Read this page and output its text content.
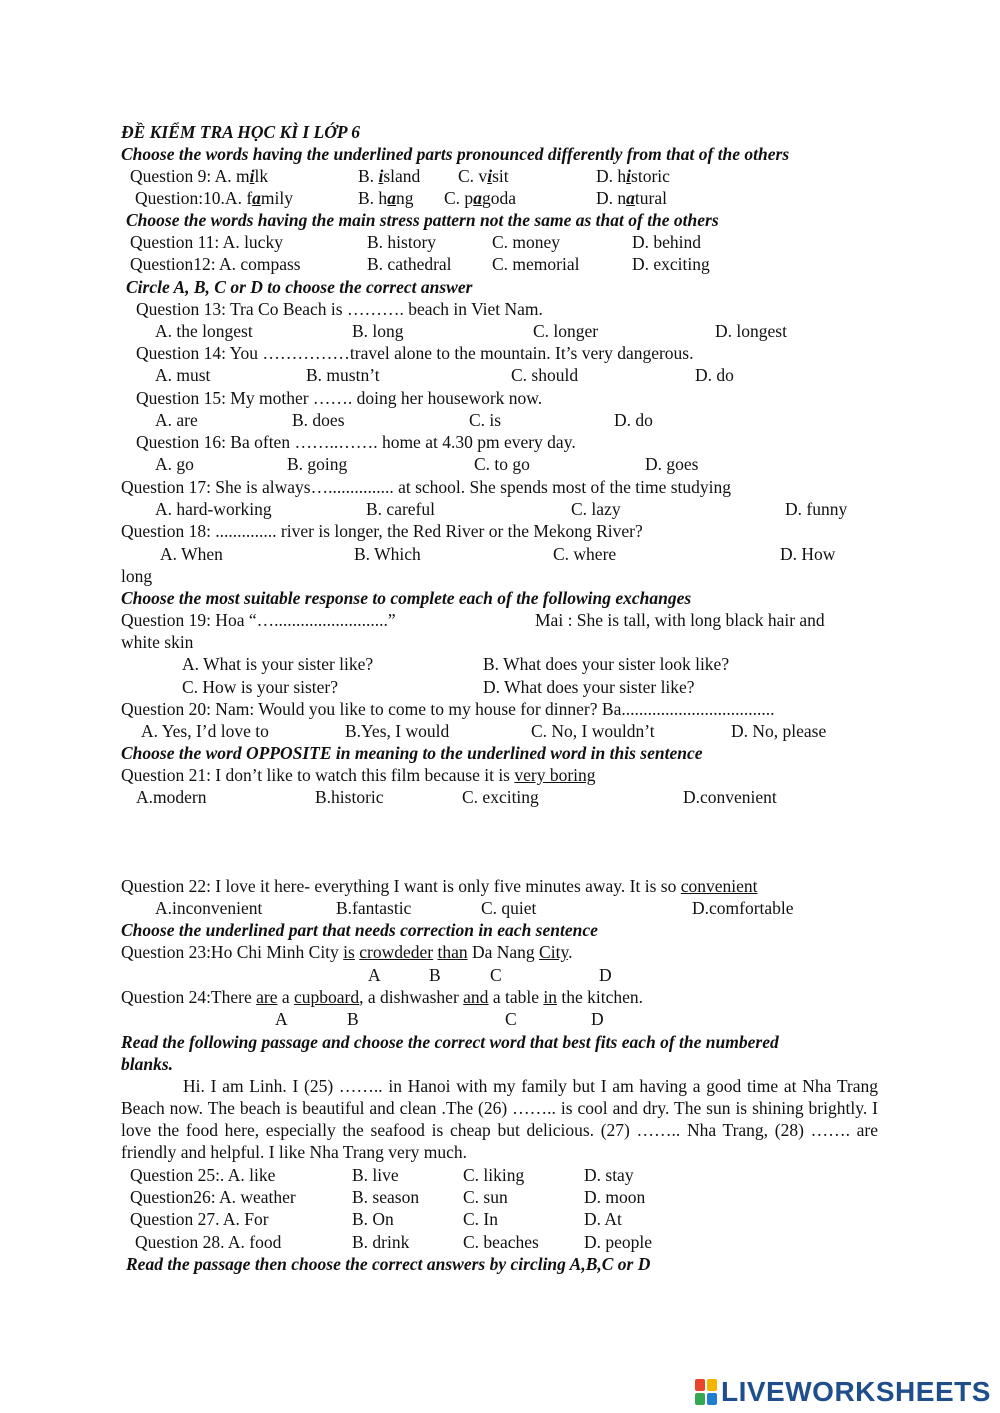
ĐỀ KIỂM TRA HỌC KÌ I LỚP 6
Choose the words having the underlined parts pronounced differently from that of the others
Question 9: A. milk	B. island C. visit	D. historic
Question:10.A. family	B. hang C. pagoda	D. natural
Choose the words having the main stress pattern not the same as that of the others
Question 11: A. lucky	B. history	C. money	D. behind
Question12: A. compass	B. cathedral C. memorial	D. exciting
Circle A, B, C or D to choose the correct answer
Question 13: Tra Co Beach is ………. beach in Viet Nam.
A. the longest	B. long	C. longer	D. longest
Question 14: You ……………travel alone to the mountain. It’s very dangerous.
A. must	B. mustn’t	C. should	D. do
Question 15: My mother ……. doing her housework now.
A. are	B. does	C. is	D. do
Question 16: Ba often ……..……. home at 4.30 pm every day.
A. go	B. going	C. to go	D. goes
Question 17: She is always…............... at school. She spends most of the time studying
A. hard-working	B. careful	C. lazy	D. funny
Question 18: .............. river is longer, the Red River or the Mekong River?
A. When	B. Which	C. where	D. How
long
Choose the most suitable response to complete each of the following exchanges
Question 19: Hoa “…..........................”	Mai : She is tall, with long black hair and
white skin
A. What is your sister like?	B. What does your sister look like?
C. How is your sister?	D. What does your sister like?
Question 20: Nam: Would you like to come to my house for dinner? Ba...................................
A. Yes, I’d love to	B.Yes, I would	C. No, I wouldn’t	D. No, please
Choose the word OPPOSITE in meaning to the underlined word in this sentence
Question 21: I don’t like to watch this film because it is very boring
A.modern	B.historic	C. exciting	D.convenient
Question 22: I love it here- everything I want is only five minutes away. It is so convenient
A.inconvenient	B.fantastic	C. quiet	D.comfortable
Choose the underlined part that needs correction in each sentence
Question 23:Ho Chi Minh City is crowdeder than Da Nang City.
A	B	C	D
Question 24:There are a cupboard, a dishwasher and a table in the kitchen.
A	B	C	D
Read the following passage and choose the correct word that best fits each of the numbered
blanks.
Hi. I am Linh. I (25) …….. in Hanoi with my family but I am having a good time at Nha Trang Beach now. The beach is beautiful and clean .The (26) …….. is cool and dry. The sun is shining brightly. I love the food here, especially the seafood is cheap but delicious. (27) …….. Nha Trang, (28) ……. are friendly and helpful. I like Nha Trang very much.
Question 25:. A. like	B. live	C. liking	D. stay
Question26: A. weather	B. season	C. sun	D. moon
Question 27. A. For	B. On	C. In	D. At
Question 28. A. food	B. drink	C. beaches	D. people
Read the passage then choose the correct answers by circling A,B,C or D
LIVEWORKSHEETS
